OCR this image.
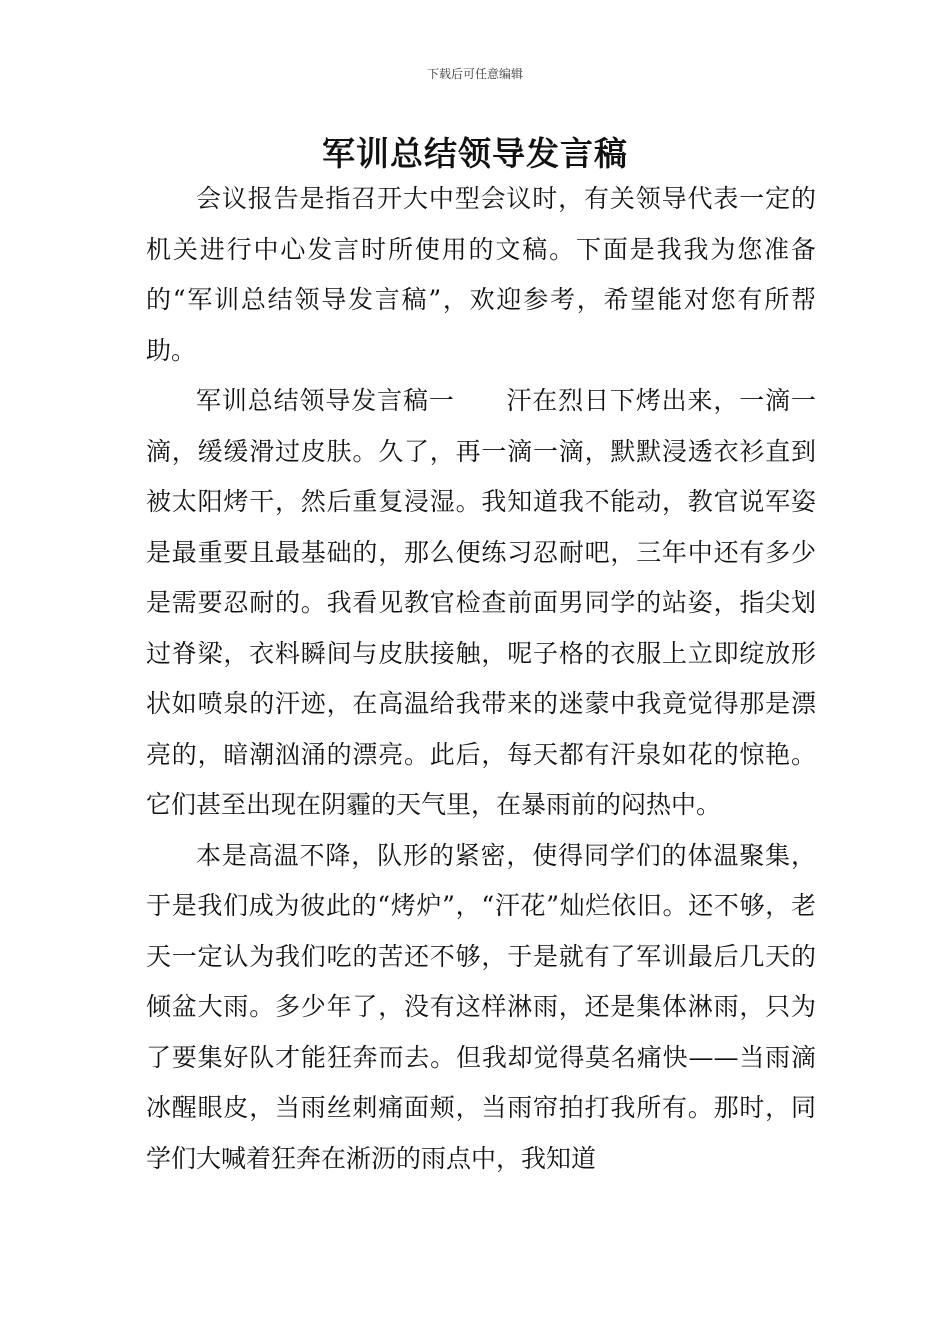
下载后可任意编辑
军训总结领导发言稿

会议报告是指召开大中型会议时，有关领导代表一定的机关进行中心发言时所使用的文稿。下面是我我为您准备的“军训总结领导发言稿”，欢迎参考，希望能对您有所帮助。

军训总结领导发言稿一　　汗在烈日下烤出来，一滴一滴，缓缓滑过皮肤。久了，再一滴一滴，默默浸透衣衫直到被太阳烤干，然后重复浸湿。我知道我不能动，教官说军姿是最重要且最基础的，那么便练习忍耐吧，三年中还有多少是需要忍耐的。我看见教官检查前面男同学的站姿，指尖划过脊梁，衣料瞬间与皮肤接触，呢子格的衣服上立即绽放形状如喷泉的汗迹，在高温给我带来的迷蒙中我竟觉得那是漂亮的，暗潮汹涌的漂亮。此后，每天都有汗泉如花的惊艳。它们甚至出现在阴霾的天气里，在暴雨前的闷热中。

本是高温不降，队形的紧密，使得同学们的体温聚集，于是我们成为彼此的“烤炉”，“汗花”灿烂依旧。还不够，老天一定认为我们吃的苦还不够，于是就有了军训最后几天的倾盆大雨。多少年了，没有这样淋雨，还是集体淋雨，只为了要集好队才能狂奔而去。但我却觉得莫名痛快——当雨滴冰醒眼皮，当雨丝刺痛面颊，当雨帘拍打我所有。那时，同学们大喊着狂奔在淅沥的雨点中，我知道
